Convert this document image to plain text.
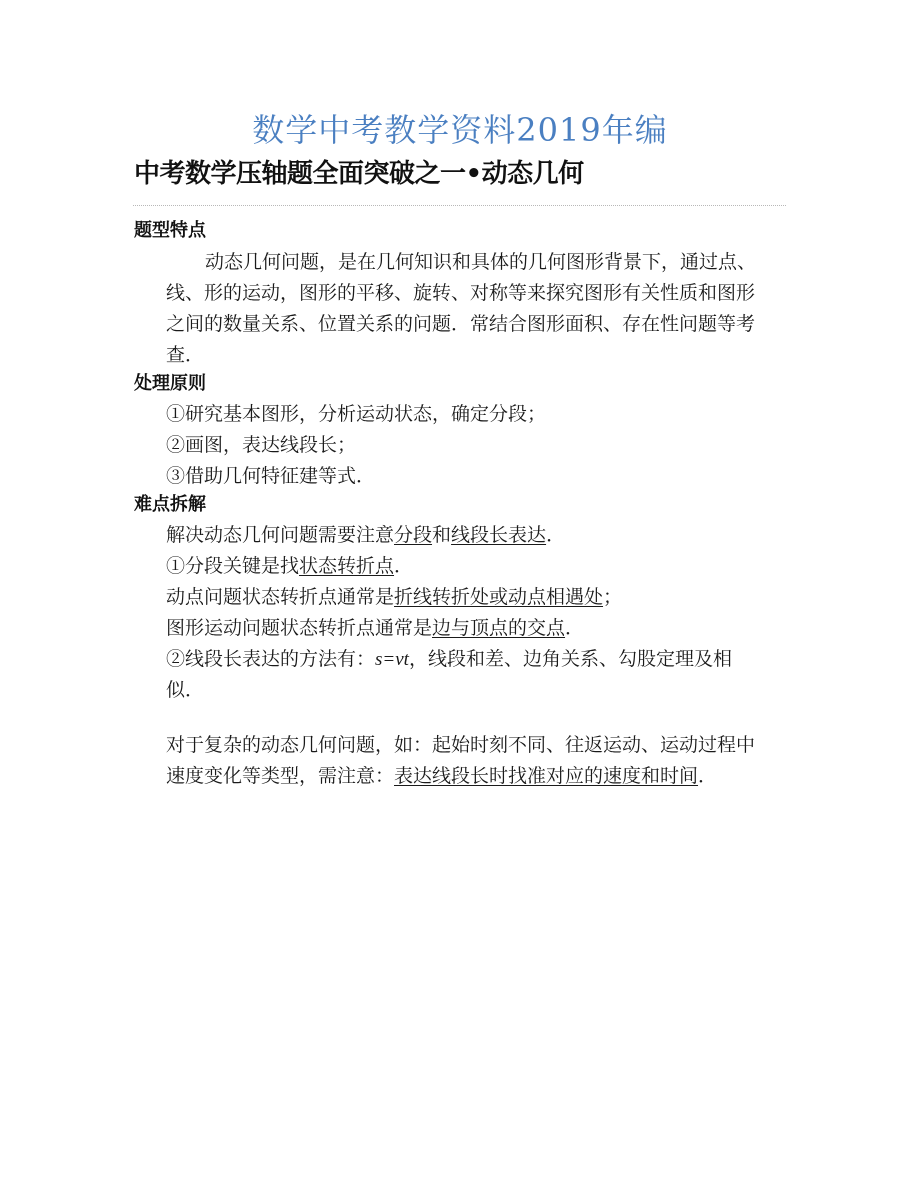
数学中考教学资料2019年编
中考数学压轴题全面突破之一•动态几何
题型特点
动态几何问题，是在几何知识和具体的几何图形背景下，通过点、
线、形的运动，图形的平移、旋转、对称等来探究图形有关性质和图形
之间的数量关系、位置关系的问题．常结合图形面积、存在性问题等考
查．
处理原则
①研究基本图形，分析运动状态，确定分段；
②画图，表达线段长；
③借助几何特征建等式．
难点拆解
解决动态几何问题需要注意分段和线段长表达．
①分段关键是找状态转折点．
动点问题状态转折点通常是折线转折处或动点相遇处；
图形运动问题状态转折点通常是边与顶点的交点．
②线段长表达的方法有：s=vt，线段和差、边角关系、勾股定理及相
似．
对于复杂的动态几何问题，如：起始时刻不同、往返运动、运动过程中
速度变化等类型，需注意：表达线段长时找准对应的速度和时间．
